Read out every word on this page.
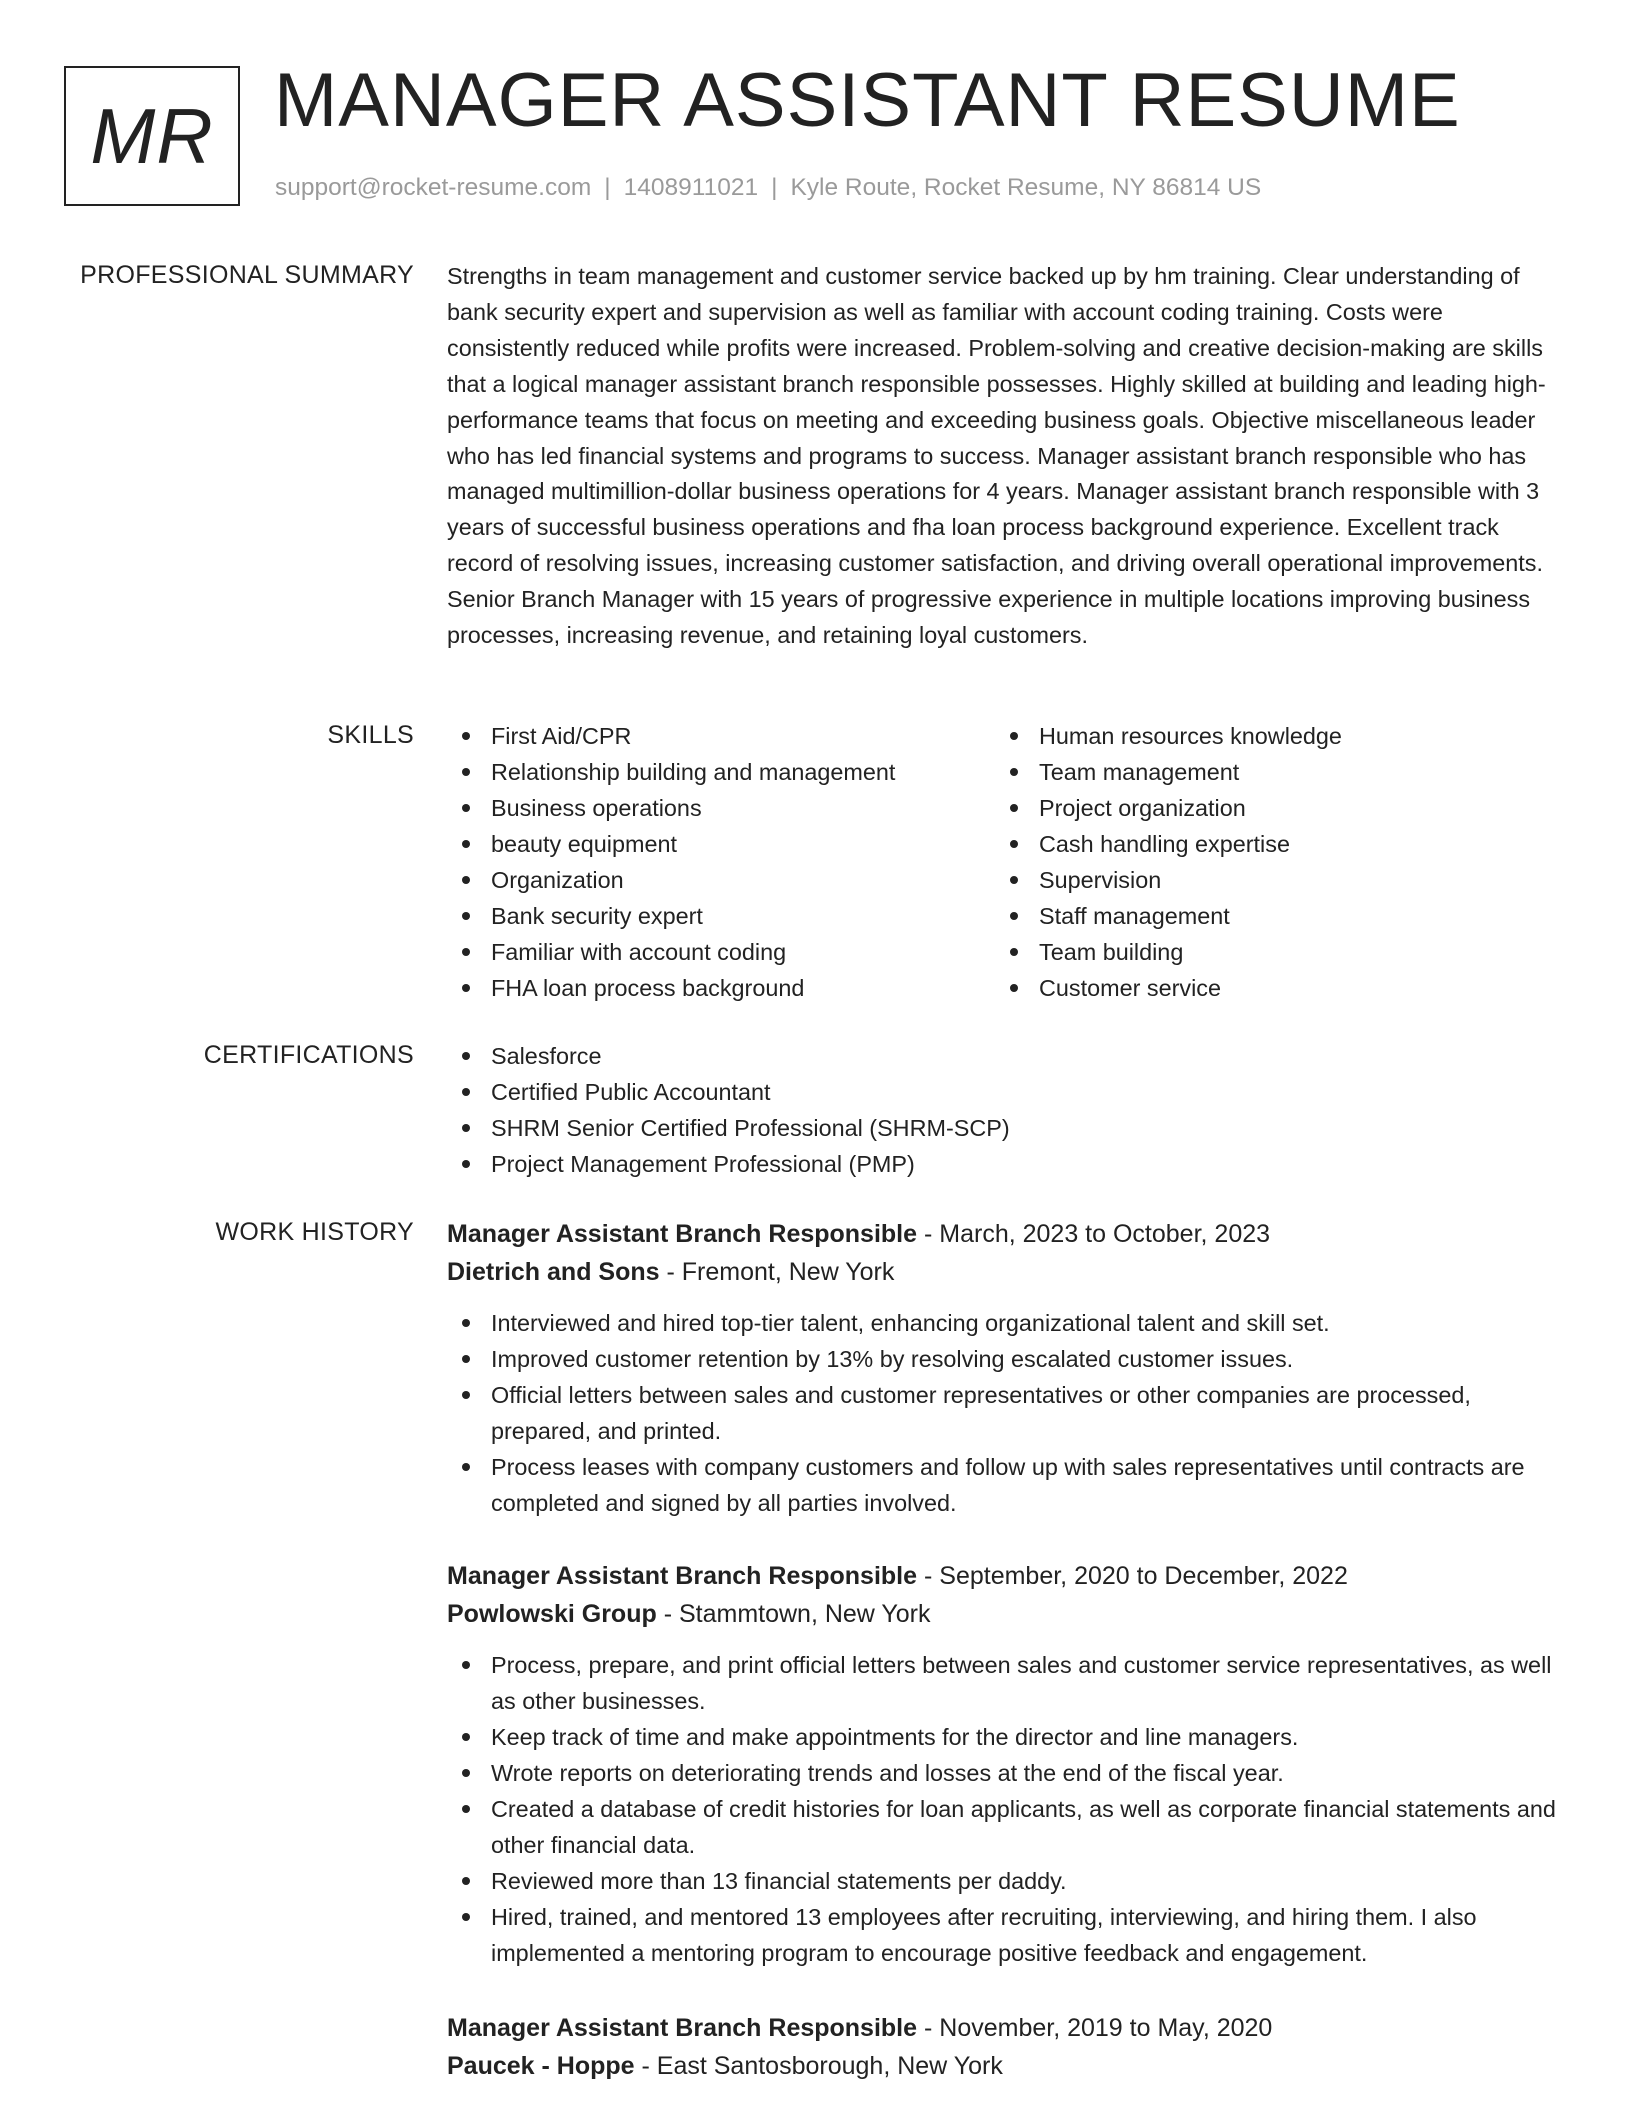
MR MANAGER ASSISTANT RESUME
support@rocket-resume.com | 1408911021 | Kyle Route, Rocket Resume, NY 86814 US
PROFESSIONAL SUMMARY Strengths in team management and customer service backed up by hm training. Clear understanding of bank security expert and supervision as well as familiar with account coding training. Costs were consistently reduced while profits were increased. Problem-solving and creative decision-making are skills that a logical manager assistant branch responsible possesses. Highly skilled at building and leading high-performance teams that focus on meeting and exceeding business goals. Objective miscellaneous leader who has led financial systems and programs to success. Manager assistant branch responsible who has managed multimillion-dollar business operations for 4 years. Manager assistant branch responsible with 3 years of successful business operations and fha loan process background experience. Excellent track record of resolving issues, increasing customer satisfaction, and driving overall operational improvements. Senior Branch Manager with 15 years of progressive experience in multiple locations improving business processes, increasing revenue, and retaining loyal customers.

SKILLS	First Aid/CPR
Relationship building and management
Business operations
beauty equipment
Organization
Bank security expert
Familiar with account coding
FHA loan process background
Human resources knowledge
Team management
Project organization
Cash handling expertise
Supervision
Staff management
Team building
Customer service
CERTIFICATIONS	Salesforce
Certified Public Accountant
SHRM Senior Certified Professional (SHRM-SCP)
Project Management Professional (PMP)
WORK HISTORY Manager Assistant Branch Responsible - March, 2023 to October, 2023
Dietrich and Sons - Fremont, New York
Interviewed and hired top-tier talent, enhancing organizational talent and skill set.
Improved customer retention by 13% by resolving escalated customer issues.
Official letters between sales and customer representatives or other companies are processed, prepared, and printed.
Process leases with company customers and follow up with sales representatives until contracts are completed and signed by all parties involved.
Manager Assistant Branch Responsible - September, 2020 to December, 2022
Powlowski Group - Stammtown, New York
Process, prepare, and print official letters between sales and customer service representatives, as well as other businesses.
Keep track of time and make appointments for the director and line managers.
Wrote reports on deteriorating trends and losses at the end of the fiscal year.
Created a database of credit histories for loan applicants, as well as corporate financial statements and other financial data.
Reviewed more than 13 financial statements per daddy.
Hired, trained, and mentored 13 employees after recruiting, interviewing, and hiring them. I also implemented a mentoring program to encourage positive feedback and engagement.
Manager Assistant Branch Responsible - November, 2019 to May, 2020
Paucek - Hoppe - East Santosborough, New York
